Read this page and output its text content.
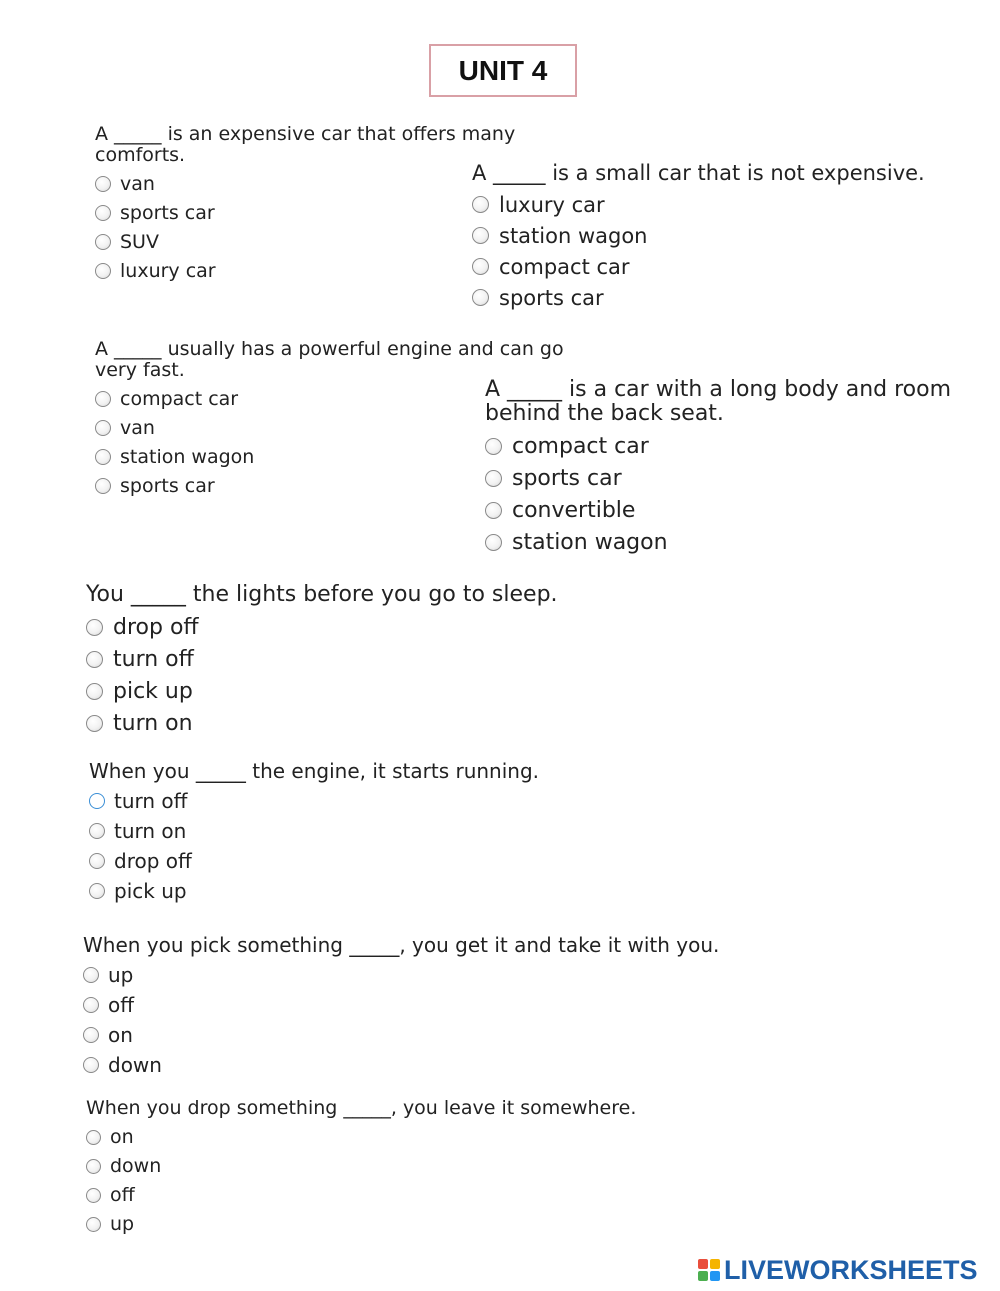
UNIT 4
A _____ is an expensive car that offers many comforts.
van
sports car
SUV
luxury car
A _____ is a small car that is not expensive.
luxury car
station wagon
compact car
sports car
A _____ usually has a powerful engine and can go very fast.
compact car
van
station wagon
sports car
A _____ is a car with a long body and room behind the back seat.
compact car
sports car
convertible
station wagon
You _____ the lights before you go to sleep.
drop off
turn off
pick up
turn on
When you _____ the engine, it starts running.
turn off
turn on
drop off
pick up
When you pick something _____, you get it and take it with you.
up
off
on
down
When you drop something _____, you leave it somewhere.
on
down
off
up
LIVEWORKSHEETS
